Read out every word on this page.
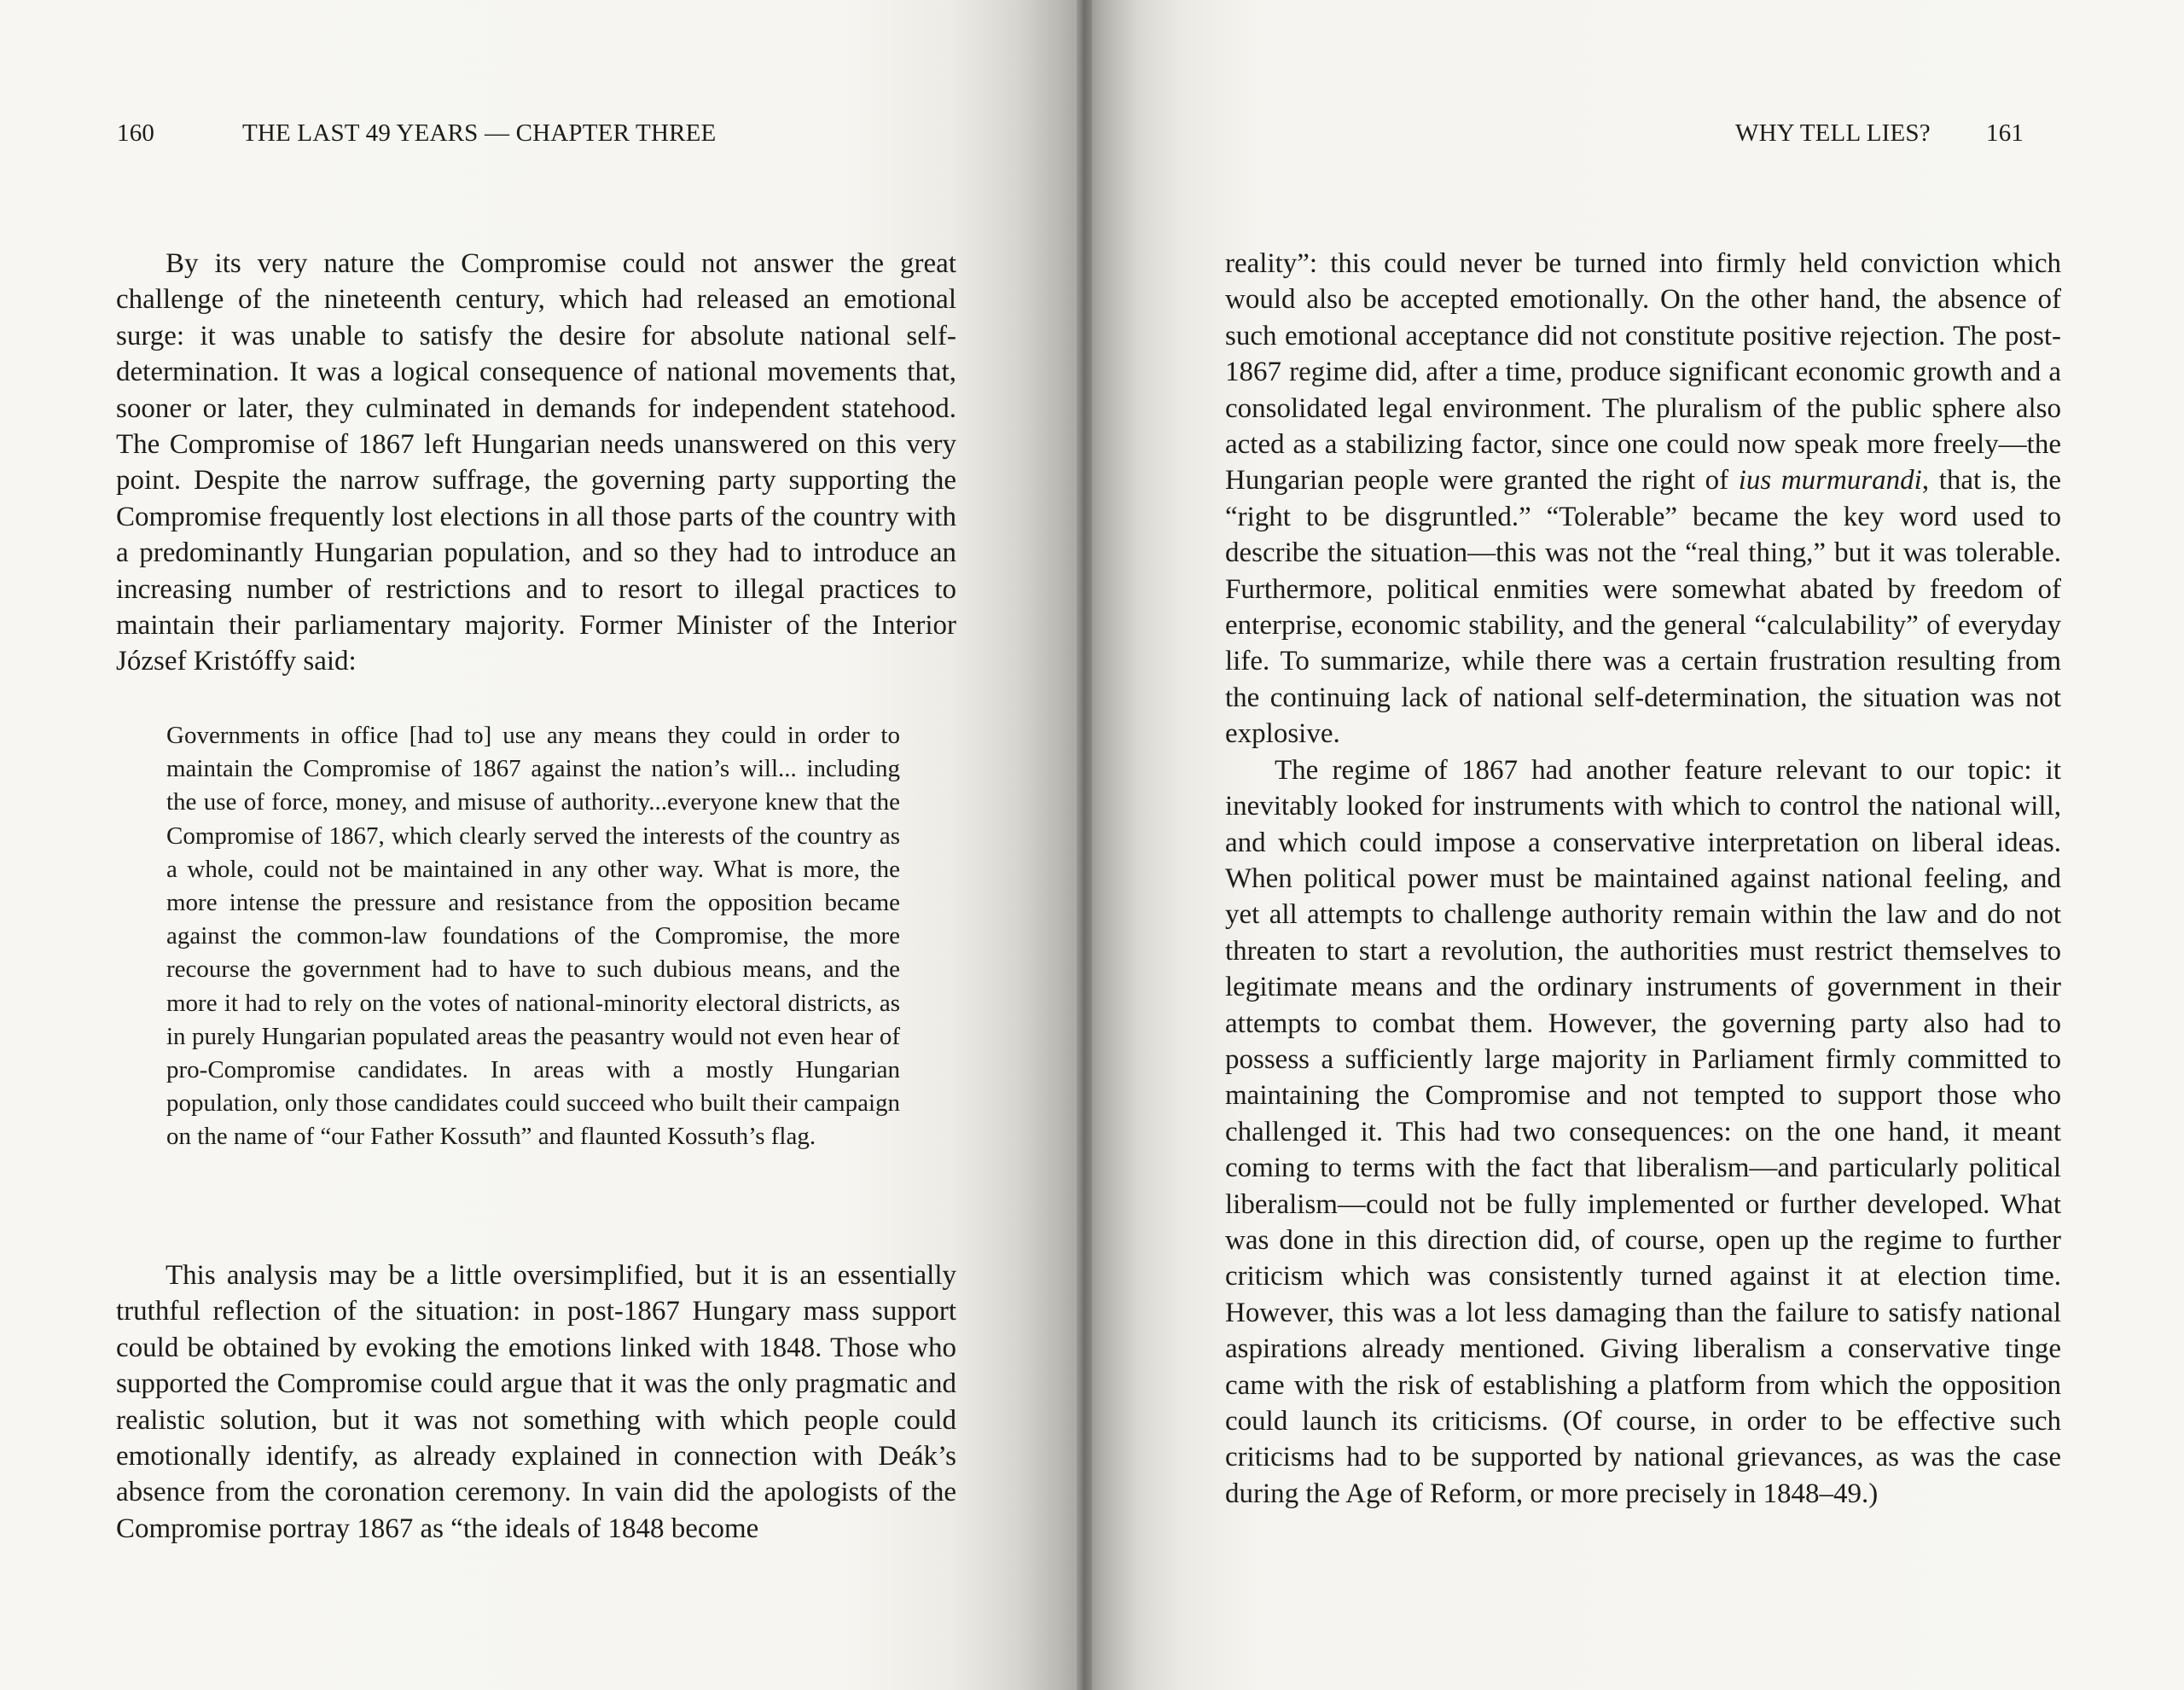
160	THE LAST 49 YEARS — CHAPTER THREE

By its very nature the Compromise could not answer the great challenge of the nineteenth century, which had released an emotional surge: it was unable to satisfy the desire for absolute national self-determination. It was a logical consequence of national movements that, sooner or later, they culminated in demands for independent statehood. The Compromise of 1867 left Hungarian needs unanswered on this very point. Despite the narrow suffrage, the governing party supporting the Compromise frequently lost elections in all those parts of the country with a predominantly Hungarian population, and so they had to introduce an increasing number of restrictions and to resort to illegal practices to maintain their parliamentary majority. Former Minister of the Interior József Kristóffy said:

Governments in office [had to] use any means they could in order to maintain the Compromise of 1867 against the nation’s will... including the use of force, money, and misuse of authority...everyone knew that the Compromise of 1867, which clearly served the interests of the country as a whole, could not be maintained in any other way. What is more, the more intense the pressure and resistance from the opposition became against the common-law foundations of the Compromise, the more recourse the government had to have to such dubious means, and the more it had to rely on the votes of national-minority electoral districts, as in purely Hungarian populated areas the peasantry would not even hear of pro-Compromise candidates. In areas with a mostly Hungarian population, only those candidates could succeed who built their campaign on the name of “our Father Kossuth” and flaunted Kossuth’s flag.

This analysis may be a little oversimplified, but it is an essentially truthful reflection of the situation: in post-1867 Hungary mass support could be obtained by evoking the emotions linked with 1848. Those who supported the Compromise could argue that it was the only pragmatic and realistic solution, but it was not something with which people could emotionally identify, as already explained in connection with Deák’s absence from the coronation ceremony. In vain did the apologists of the Compromise portray 1867 as “the ideals of 1848 become

WHY TELL LIES? 161

reality”: this could never be turned into firmly held conviction which would also be accepted emotionally. On the other hand, the absence of such emotional acceptance did not constitute positive rejection. The post-1867 regime did, after a time, produce significant economic growth and a consolidated legal environment. The pluralism of the public sphere also acted as a stabilizing factor, since one could now speak more freely—the Hungarian people were granted the right of ius murmurandi, that is, the “right to be disgruntled.” “Tolerable” became the key word used to describe the situation—this was not the “real thing,” but it was tolerable. Furthermore, political enmities were somewhat abated by freedom of enterprise, economic stability, and the general “calculability” of everyday life. To summarize, while there was a certain frustration resulting from the continuing lack of national self-determination, the situation was not explosive.

The regime of 1867 had another feature relevant to our topic: it inevitably looked for instruments with which to control the national will, and which could impose a conservative interpretation on liberal ideas. When political power must be maintained against national feeling, and yet all attempts to challenge authority remain within the law and do not threaten to start a revolution, the authorities must restrict themselves to legitimate means and the ordinary instruments of government in their attempts to combat them. However, the governing party also had to possess a sufficiently large majority in Parliament firmly committed to maintaining the Compromise and not tempted to support those who challenged it. This had two consequences: on the one hand, it meant coming to terms with the fact that liberalism—and particularly political liberalism—could not be fully implemented or further developed. What was done in this direction did, of course, open up the regime to further criticism which was consistently turned against it at election time. However, this was a lot less damaging than the failure to satisfy national aspirations already mentioned. Giving liberalism a conservative tinge came with the risk of establishing a platform from which the opposition could launch its criticisms. (Of course, in order to be effective such criticisms had to be supported by national grievances, as was the case during the Age of Reform, or more precisely in 1848–49.)
